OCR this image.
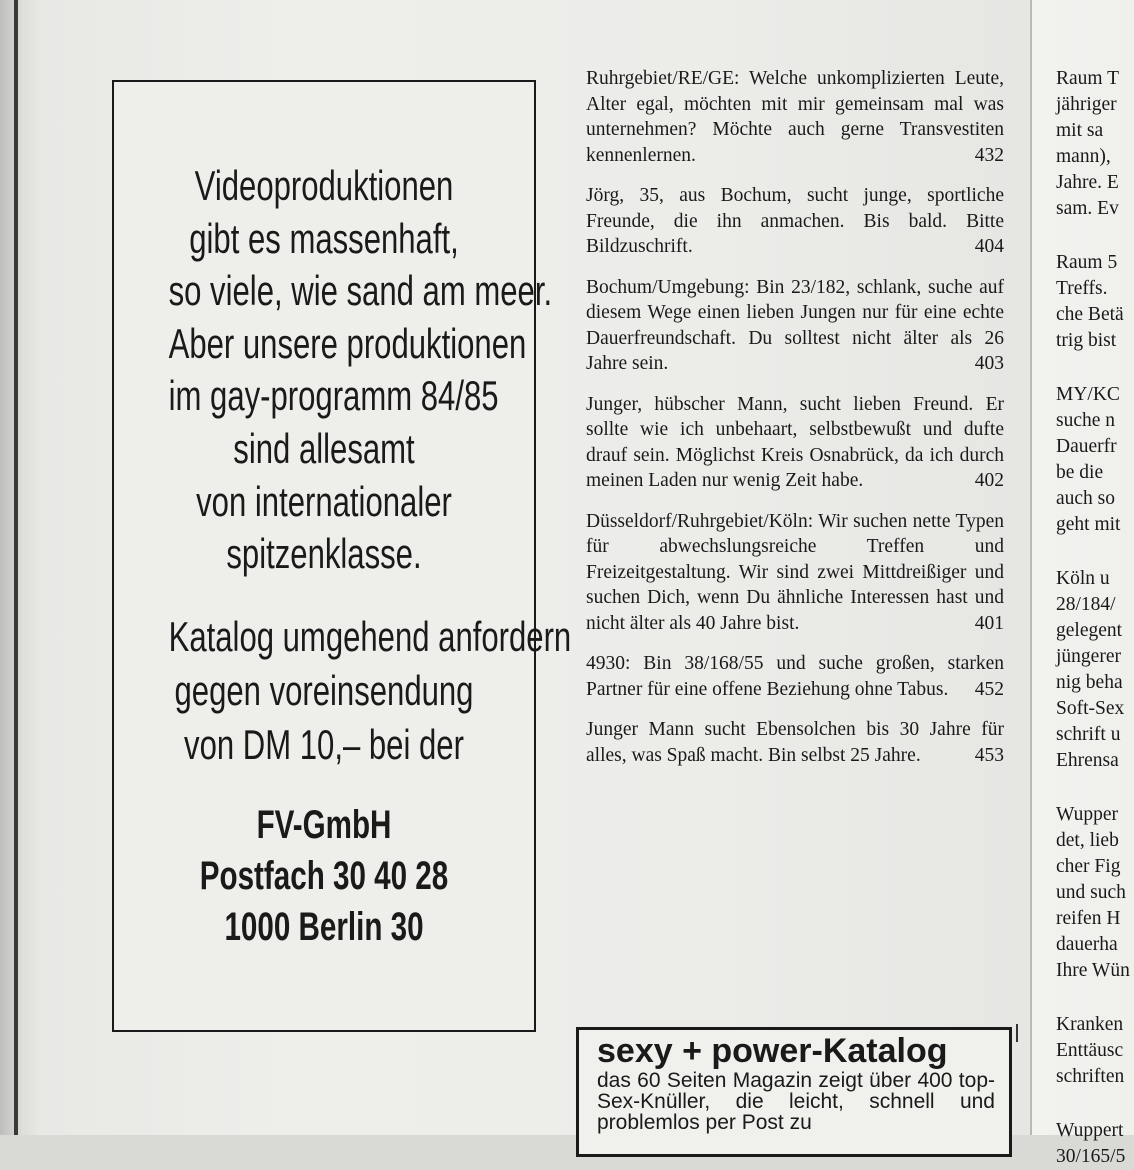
Videoproduktionen
gibt es massenhaft,
so viele, wie sand am meer.
Aber unsere produktionen
im gay-programm 84/85
sind allesamt
von internationaler
spitzenklasse.
Katalog umgehend anfordern
gegen voreinsendung
von DM 10,– bei der
FV-GmbH
Postfach 30 40 28
1000 Berlin 30
Ruhrgebiet/RE/GE: Welche unkomplizierten Leute, Alter egal, möchten mit mir gemeinsam mal was unternehmen? Möchte auch gerne Transvestiten kennenlernen.	432
Jörg, 35, aus Bochum, sucht junge, sportliche Freunde, die ihn anmachen. Bis bald. Bitte Bildzuschrift.	404
Bochum/Umgebung: Bin 23/182, schlank, suche auf diesem Wege einen lieben Jungen nur für eine echte Dauerfreundschaft. Du solltest nicht älter als 26 Jahre sein.	403
Junger, hübscher Mann, sucht lieben Freund. Er sollte wie ich unbehaart, selbstbewußt und dufte drauf sein. Möglichst Kreis Osnabrück, da ich durch meinen Laden nur wenig Zeit habe.	402
Düsseldorf/Ruhrgebiet/Köln: Wir suchen nette Typen für abwechslungsreiche Treffen und Freizeitgestaltung. Wir sind zwei Mittdreißiger und suchen Dich, wenn Du ähnliche Interessen hast und nicht älter als 40 Jahre bist.	401
4930: Bin 38/168/55 und suche großen, starken Partner für eine offene Beziehung ohne Tabus. 452
Junger Mann sucht Ebensolchen bis 30 Jahre für alles, was Spaß macht. Bin selbst 25 Jahre.	453
sexy + power-Katalog
das 60 Seiten Magazin zeigt über 400 top-Sex-Knüller, die leicht, schnell und problemlos per Post zu
Raum T
jähriger
mit sa
mann),
Jahre. E
sam. Ev
Raum 5
Treffs.
che Betä
trig bist
MY/KC
suche n
Dauerfr
be die
auch so
geht mit
Köln u
28/184/
gelegent
jüngerer
nig beha
Soft-Sex
schrift u
Ehrensa
Wupper
det, lieb
cher Fig
und such
reifen H
dauerha
Ihre Wün
Kranken
Enttäusc
schriften
Wuppert
30/165/5
